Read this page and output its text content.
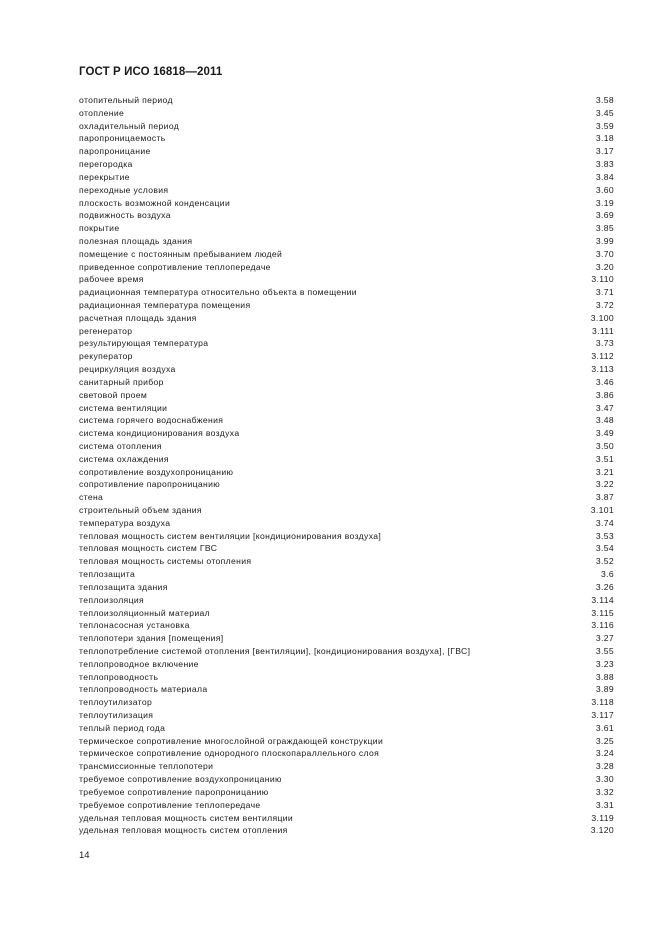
ГОСТ Р ИСО 16818—2011
отопительный период	3.58
отопление	3.45
охладительный период	3.59
паропроницаемость	3.18
паропроницание	3.17
перегородка	3.83
перекрытие	3.84
переходные условия	3.60
плоскость возможной конденсации	3.19
подвижность воздуха	3.69
покрытие	3.85
полезная площадь здания	3.99
помещение с постоянным пребыванием людей	3.70
приведенное сопротивление теплопередаче	3.20
рабочее время	3.110
радиационная температура относительно объекта в помещении	3.71
радиационная температура помещения	3.72
расчетная площадь здания	3.100
регенератор	3.111
результирующая температура	3.73
рекуператор	3.112
рециркуляция воздуха	3.113
санитарный прибор	3.46
световой проем	3.86
система вентиляции	3.47
система горячего водоснабжения	3.48
система кондиционирования воздуха	3.49
система отопления	3.50
система охлаждения	3.51
сопротивление воздухопроницанию	3.21
сопротивление паропроницанию	3.22
стена	3.87
строительный объем здания	3.101
температура воздуха	3.74
тепловая мощность систем вентиляции [кондиционирования воздуха]	3.53
тепловая мощность систем ГВС	3.54
тепловая мощность системы отопления	3.52
теплозащита	3.6
теплозащита здания	3.26
теплоизоляция	3.114
теплоизоляционный материал	3.115
теплонасосная установка	3.116
теплопотери здания [помещения]	3.27
теплопотребление системой отопления [вентиляции], [кондиционирования воздуха], [ГВС]	3.55
теплопроводное включение	3.23
теплопроводность	3.88
теплопроводность материала	3.89
теплоутилизатор	3.118
теплоутилизация	3.117
теплый период года	3.61
термическое сопротивление многослойной ограждающей конструкции	3.25
термическое сопротивление однородного плоскопараллельного слоя	3.24
трансмиссионные теплопотери	3.28
требуемое сопротивление воздухопроницанию	3.30
требуемое сопротивление паропроницанию	3.32
требуемое сопротивление теплопередаче	3.31
удельная тепловая мощность систем вентиляции	3.119
удельная тепловая мощность систем отопления	3.120
14
